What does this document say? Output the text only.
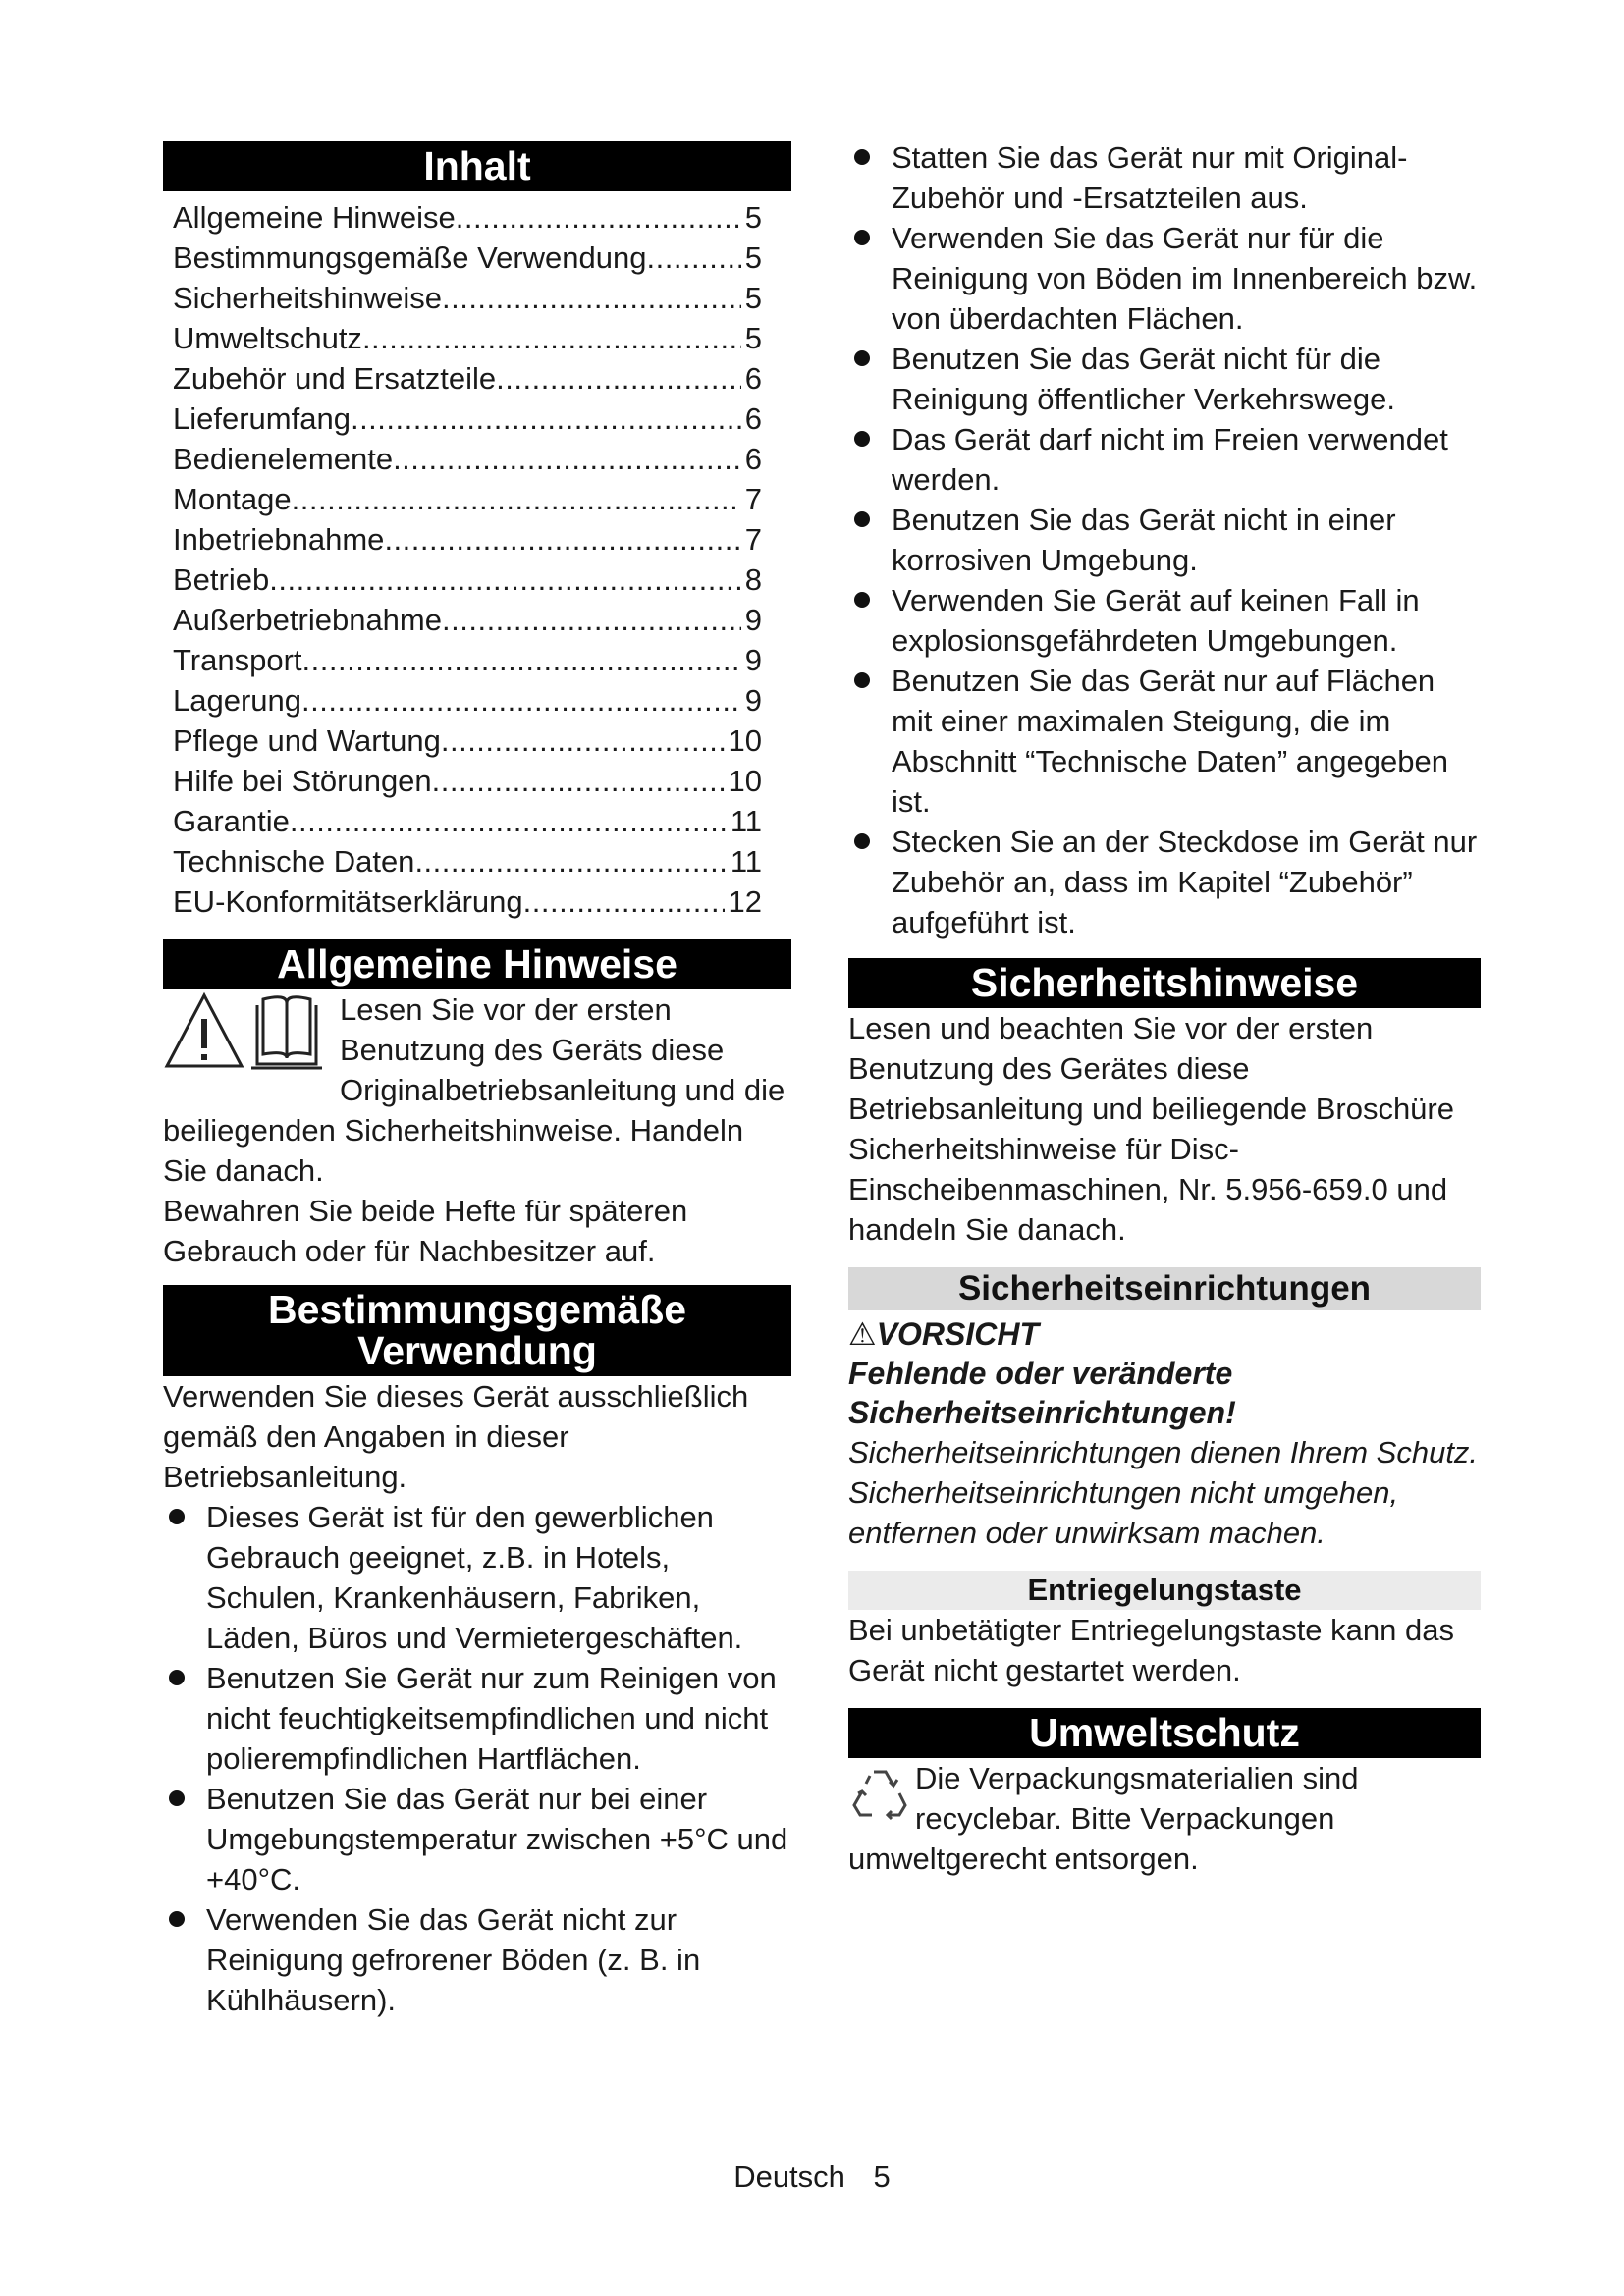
Inhalt
Allgemeine Hinweise .....	5
Bestimmungsgemäße Verwendung .....	5
Sicherheitshinweise .....	5
Umweltschutz .....	5
Zubehör und Ersatzteile .....	6
Lieferumfang .....	6
Bedienelemente .....	6
Montage .....	7
Inbetriebnahme .....	7
Betrieb .....	8
Außerbetriebnahme .....	9
Transport .....	9
Lagerung .....	9
Pflege und Wartung .....	10
Hilfe bei Störungen .....	10
Garantie .....	11
Technische Daten .....	11
EU-Konformitätserklärung .....	12
Allgemeine Hinweise

Lesen Sie vor der ersten Benutzung des Geräts diese Originalbetriebsanleitung und die beiliegenden Sicherheitshinweise. Handeln Sie danach.

Bewahren Sie beide Hefte für späteren Gebrauch oder für Nachbesitzer auf.

Bestimmungsgemäße
Verwendung

Verwenden Sie dieses Gerät ausschließlich gemäß den Angaben in dieser Betriebsanleitung.

Dieses Gerät ist für den gewerblichen Gebrauch geeignet, z.B. in Hotels, Schulen, Krankenhäusern, Fabriken, Läden, Büros und Vermietergeschäften.
Benutzen Sie Gerät nur zum Reinigen von nicht feuchtigkeitsempfindlichen und nicht polierempfindlichen Hartflächen.
Benutzen Sie das Gerät nur bei einer Umgebungstemperatur zwischen +5°C und +40°C.
Verwenden Sie das Gerät nicht zur Reinigung gefrorener Böden (z. B. in Kühlhäusern).
Statten Sie das Gerät nur mit Original-Zubehör und -Ersatzteilen aus.
Verwenden Sie das Gerät nur für die Reinigung von Böden im Innenbereich bzw. von überdachten Flächen.
Benutzen Sie das Gerät nicht für die Reinigung öffentlicher Verkehrswege.
Das Gerät darf nicht im Freien verwendet werden.
Benutzen Sie das Gerät nicht in einer korrosiven Umgebung.
Verwenden Sie Gerät auf keinen Fall in explosionsgefährdeten Umgebungen.
Benutzen Sie das Gerät nur auf Flächen mit einer maximalen Steigung, die im Abschnitt “Technische Daten” angegeben ist.
Stecken Sie an der Steckdose im Gerät nur Zubehör an, dass im Kapitel “Zubehör” aufgeführt ist.
Sicherheitshinweise

Lesen und beachten Sie vor der ersten Benutzung des Gerätes diese Betriebsanleitung und beiliegende Broschüre Sicherheitshinweise für Disc-Einscheibenmaschinen, Nr. 5.956-659.0 und handeln Sie danach.

Sicherheitseinrichtungen

⚠VORSICHT

Fehlende oder veränderte Sicherheitseinrichtungen!

Sicherheitseinrichtungen dienen Ihrem Schutz.

Sicherheitseinrichtungen nicht umgehen, entfernen oder unwirksam machen.

Entriegelungstaste

Bei unbetätigter Entriegelungstaste kann das Gerät nicht gestartet werden.

Umweltschutz

Die Verpackungsmaterialien sind recyclebar. Bitte Verpackungen umweltgerecht entsorgen.

Deutsch 5
